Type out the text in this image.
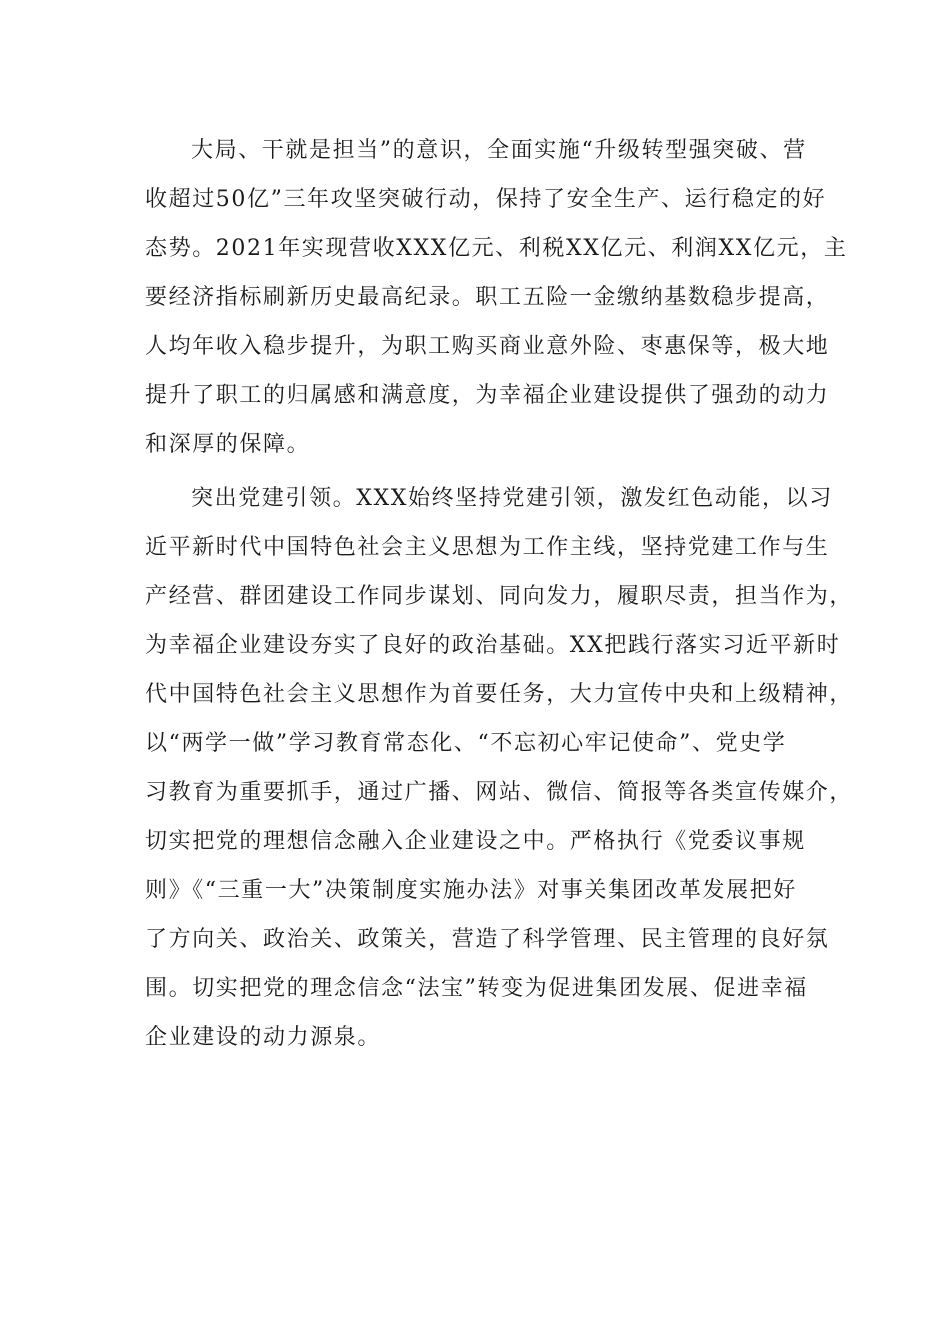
大局、干就是担当”的意识，全面实施“升级转型强突破、营
收超过50亿”三年攻坚突破行动，保持了安全生产、运行稳定的好
态势。2021年实现营收XXX亿元、利税XX亿元、利润XX亿元，主
要经济指标刷新历史最高纪录。职工五险一金缴纳基数稳步提高，
人均年收入稳步提升，为职工购买商业意外险、枣惠保等，极大地
提升了职工的归属感和满意度，为幸福企业建设提供了强劲的动力
和深厚的保障。
突出党建引领。XXX始终坚持党建引领，激发红色动能，以习
近平新时代中国特色社会主义思想为工作主线，坚持党建工作与生
产经营、群团建设工作同步谋划、同向发力，履职尽责，担当作为，
为幸福企业建设夯实了良好的政治基础。XX把践行落实习近平新时
代中国特色社会主义思想作为首要任务，大力宣传中央和上级精神，
以“两学一做”学习教育常态化、“不忘初心牢记使命”、党史学
习教育为重要抓手，通过广播、网站、微信、简报等各类宣传媒介，
切实把党的理想信念融入企业建设之中。严格执行《党委议事规
则》《“三重一大”决策制度实施办法》对事关集团改革发展把好
了方向关、政治关、政策关，营造了科学管理、民主管理的良好氛
围。切实把党的理念信念“法宝”转变为促进集团发展、促进幸福
企业建设的动力源泉。
